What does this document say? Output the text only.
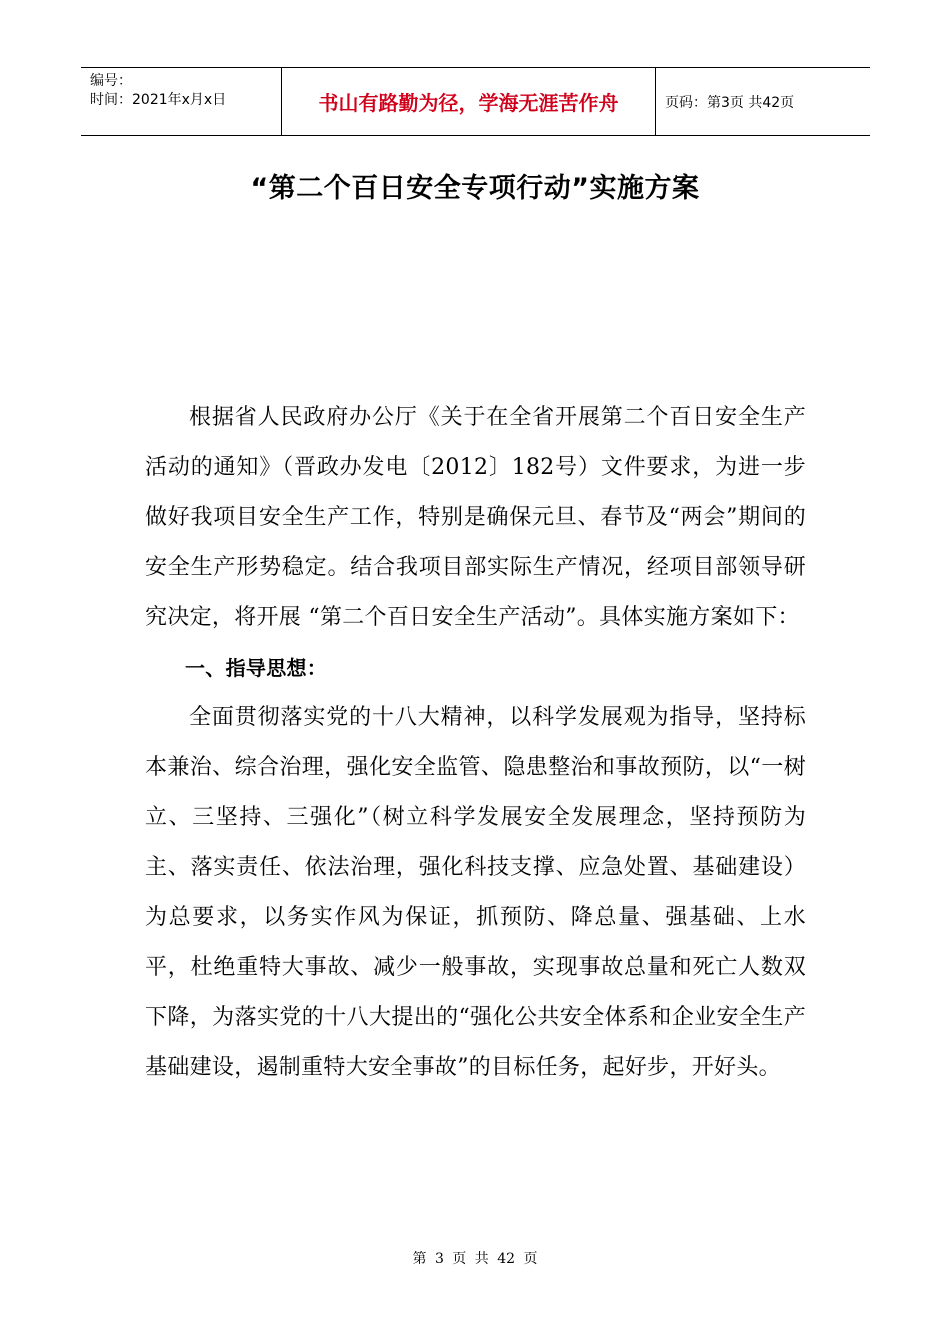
编号：
时间：2021年x月x日	书山有路勤为径，学海无涯苦作舟	页码：第3页 共42页
“第二个百日安全专项行动”实施方案

根据省人民政府办公厅《关于在全省开展第二个百日安全生产活动的通知》（晋政办发电〔2012〕182号）文件要求，为进一步做好我项目安全生产工作，特别是确保元旦、春节及“两会”期间的安全生产形势稳定。结合我项目部实际生产情况，经项目部领导研究决定，将开展 “第二个百日安全生产活动”。具体实施方案如下：

一、指导思想：

全面贯彻落实党的十八大精神，以科学发展观为指导，坚持标本兼治、综合治理，强化安全监管、隐患整治和事故预防，以“一树立、三坚持、三强化”（树立科学发展安全发展理念，坚持预防为主、落实责任、依法治理，强化科技支撑、应急处置、基础建设）为总要求，以务实作风为保证，抓预防、降总量、强基础、上水平，杜绝重特大事故、减少一般事故，实现事故总量和死亡人数双下降，为落实党的十八大提出的“强化公共安全体系和企业安全生产基础建设，遏制重特大安全事故”的目标任务，起好步，开好头。

第 3 页 共 42 页
